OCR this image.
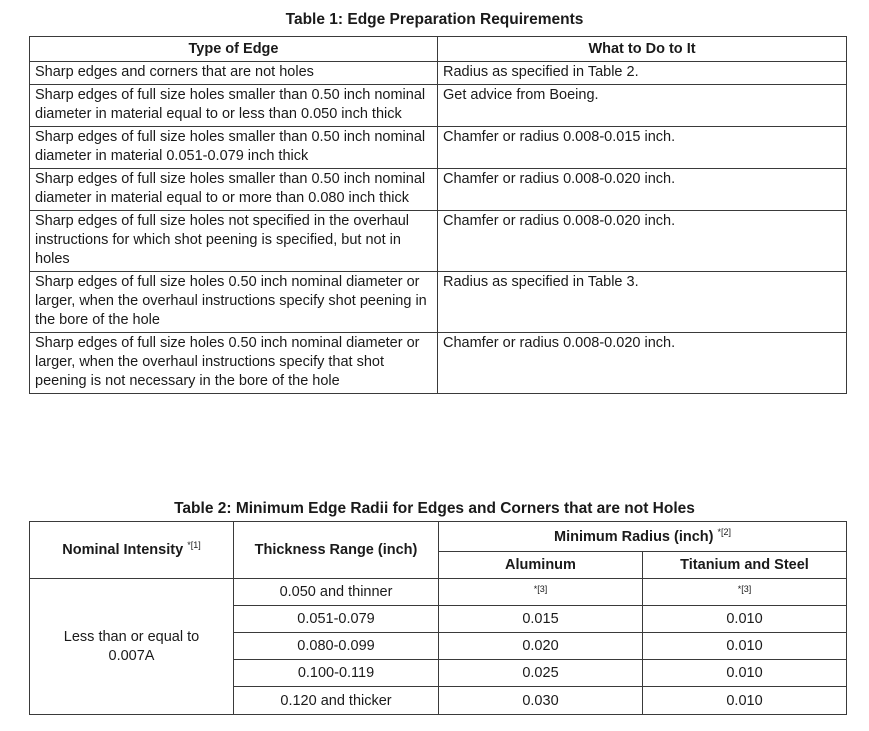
Table 1: Edge Preparation Requirements
Type of Edge	What to Do to It
Sharp edges and corners that are not holes	Radius as specified in Table 2.
Sharp edges of full size holes smaller than 0.50 inch nominal diameter in material equal to or less than 0.050 inch thick	Get advice from Boeing.
Sharp edges of full size holes smaller than 0.50 inch nominal diameter in material 0.051-0.079 inch thick	Chamfer or radius 0.008-0.015 inch.
Sharp edges of full size holes smaller than 0.50 inch nominal diameter in material equal to or more than 0.080 inch thick	Chamfer or radius 0.008-0.020 inch.
Sharp edges of full size holes not specified in the overhaul instructions for which shot peening is specified, but not in holes	Chamfer or radius 0.008-0.020 inch.
Sharp edges of full size holes 0.50 inch nominal diameter or larger, when the overhaul instructions specify shot peening in the bore of the hole	Radius as specified in Table 3.
Sharp edges of full size holes 0.50 inch nominal diameter or larger, when the overhaul instructions specify that shot peening is not necessary in the bore of the hole	Chamfer or radius 0.008-0.020 inch.
Table 2: Minimum Edge Radii for Edges and Corners that are not Holes
Nominal Intensity $^{*[1]}$	Thickness Range (inch)	Minimum Radius (inch) $^{*[2]}$
		Aluminum	Titanium and Steel
Less than or equal to 0.007A	0.050 and thinner	*[3]	*[3]
	0.051-0.079	0.015	0.010
	0.080-0.099	0.020	0.010
	0.100-0.119	0.025	0.010
	0.120 and thicker	0.030	0.010
